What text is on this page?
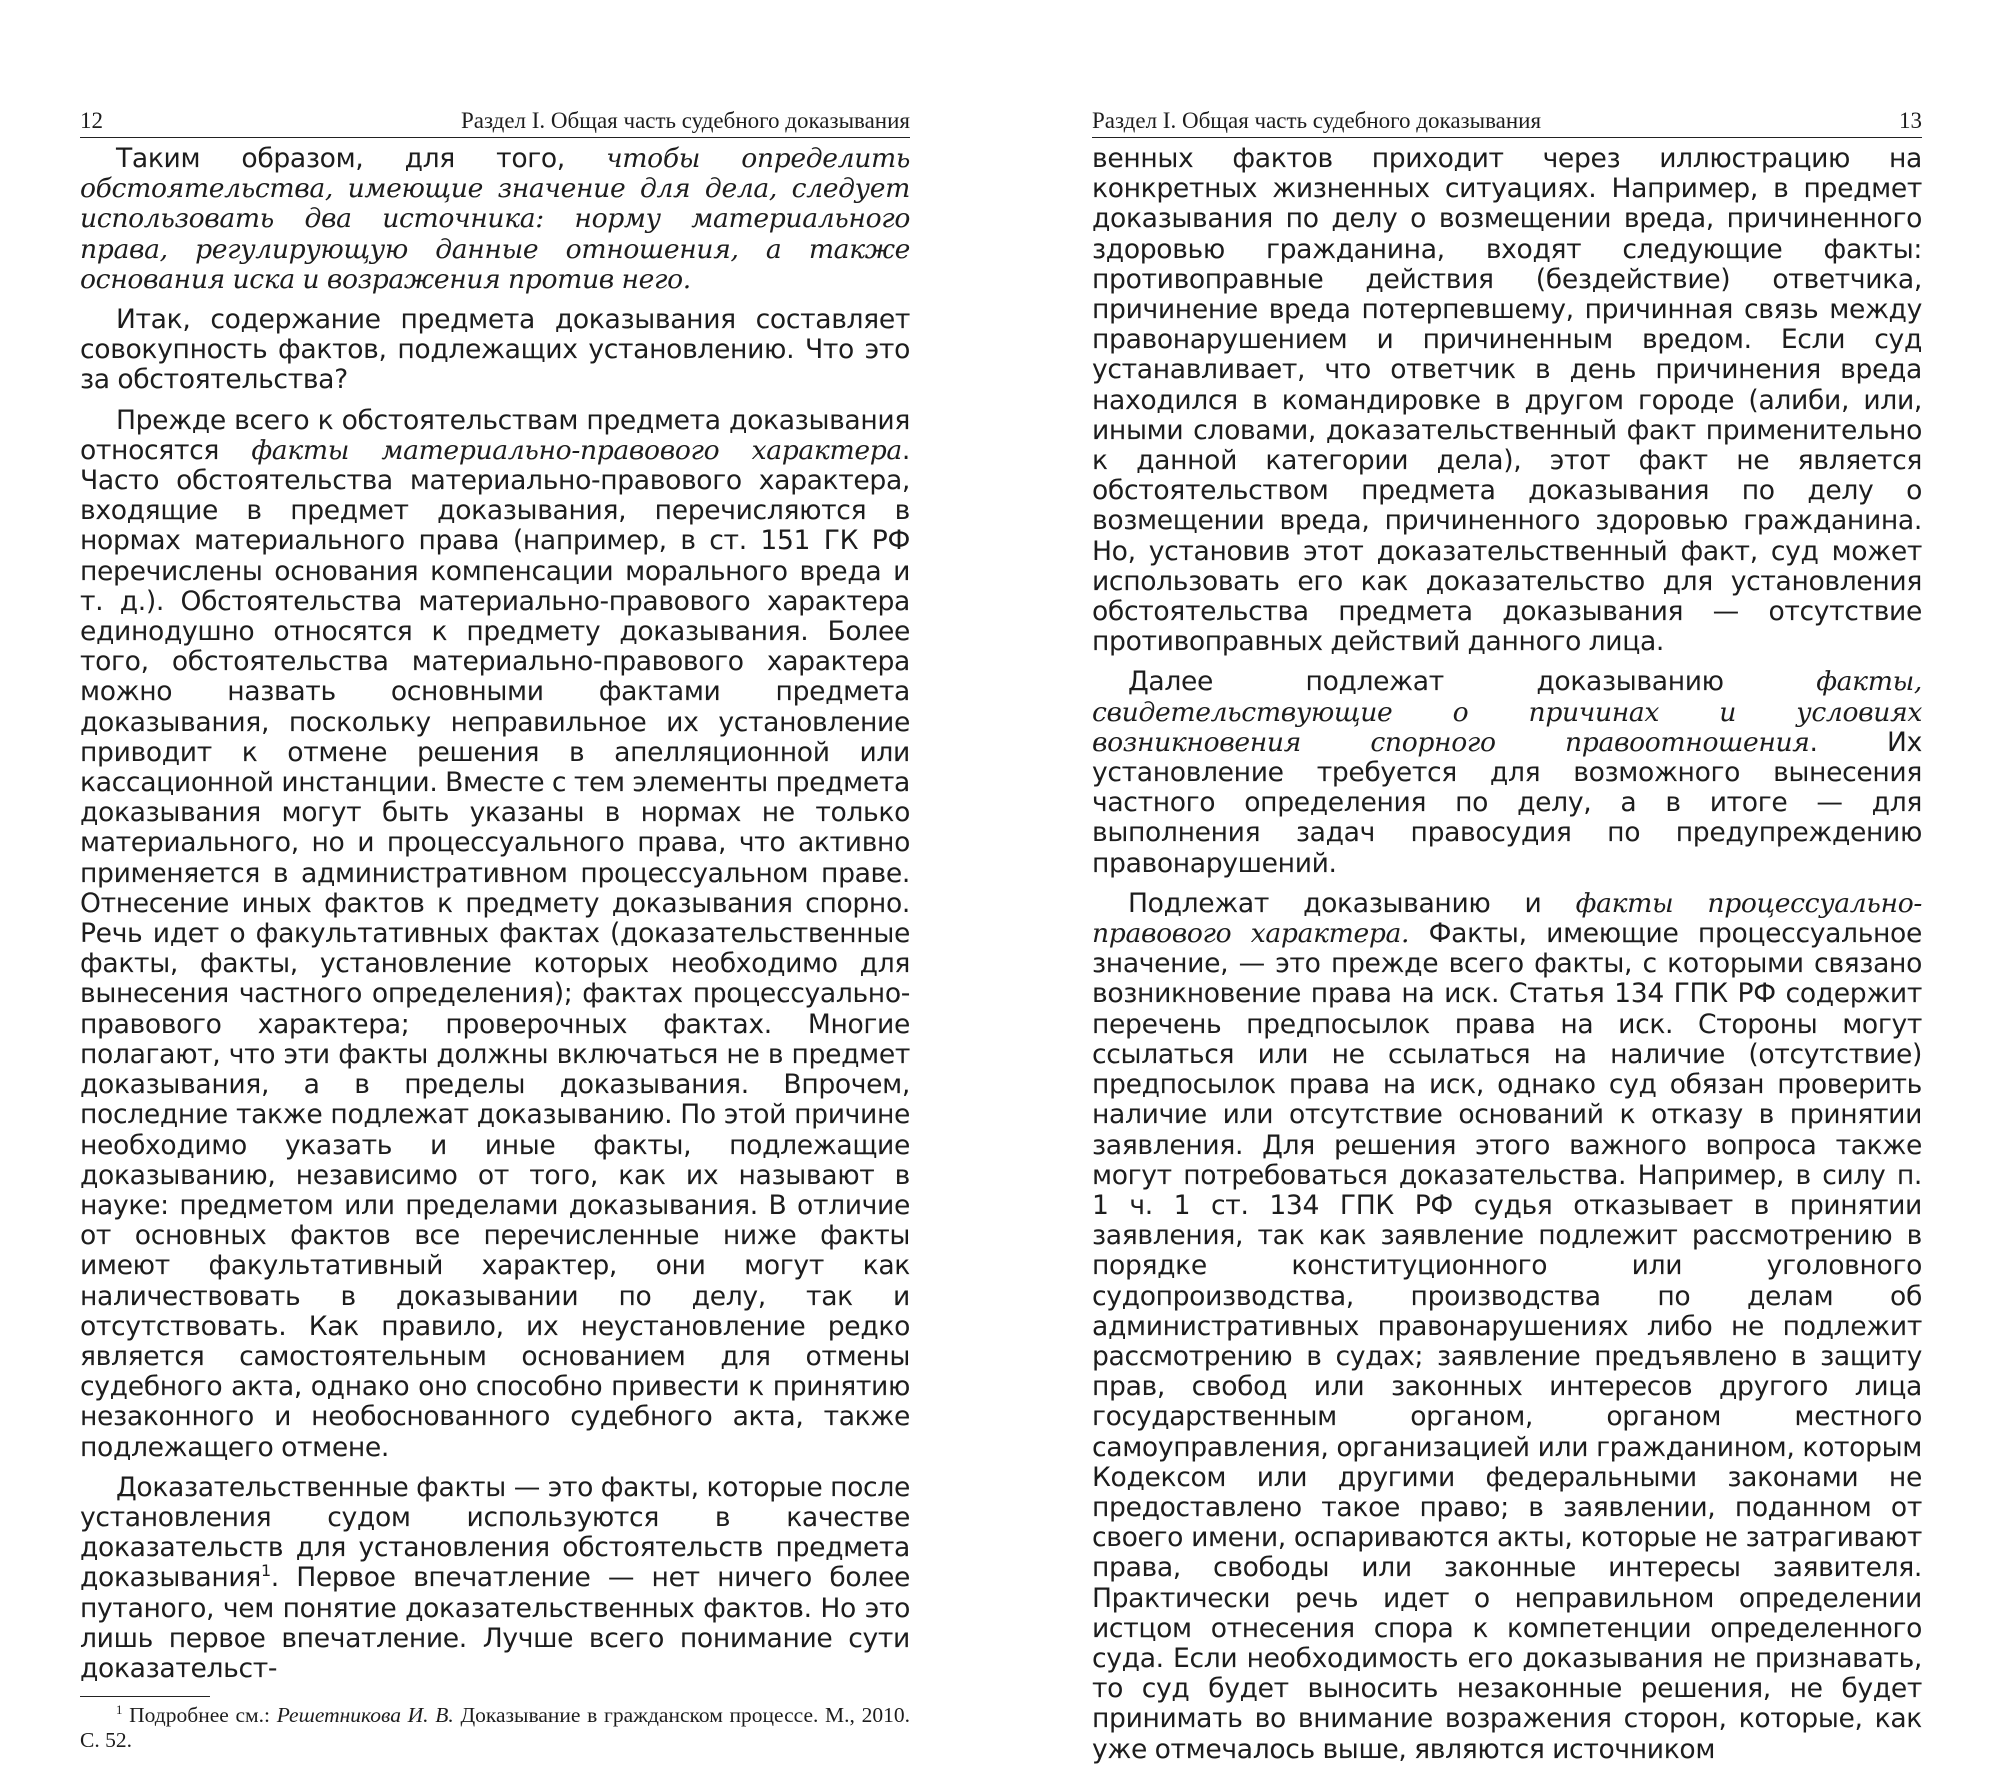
12	Раздел I. Общая часть судебного доказывания

Таким образом, для того, чтобы определить обстоятельства, имеющие значение для дела, следует использовать два источника: норму материального права, регулирующую данные отношения, а также основания иска и возражения против него.

Итак, содержание предмета доказывания составляет совокупность фактов, подлежащих установлению. Что это за обстоятельства?

Прежде всего к обстоятельствам предмета доказывания относятся факты материально-правового характера. Часто обстоятельства материально-правового характера, входящие в предмет доказывания, перечисляются в нормах материального права (например, в ст. 151 ГК РФ перечислены основания компенсации морального вреда и т. д.). Обстоятельства материально-правового характера единодушно относятся к предмету доказывания. Более того, обстоятельства материально-правового характера можно назвать основными фактами предмета доказывания, поскольку неправильное их установление приводит к отмене решения в апелляционной или кассационной инстанции. Вместе с тем элементы предмета доказывания могут быть указаны в нормах не только материального, но и процессуального права, что активно применяется в административном процессуальном праве. Отнесение иных фактов к предмету доказывания спорно. Речь идет о факультативных фактах (доказательственные факты, факты, установление которых необходимо для вынесения частного определения); фактах процессуально-правового характера; проверочных фактах. Многие полагают, что эти факты должны включаться не в предмет доказывания, а в пределы доказывания. Впрочем, последние также подлежат доказыванию. По этой причине необходимо указать и иные факты, подлежащие доказыванию, независимо от того, как их называют в науке: предметом или пределами доказывания. В отличие от основных фактов все перечисленные ниже факты имеют факультативный характер, они могут как наличествовать в доказывании по делу, так и отсутствовать. Как правило, их неустановление редко является самостоятельным основанием для отмены судебного акта, однако оно способно привести к принятию незаконного и необоснованного судебного акта, также подлежащего отмене.

Доказательственные факты — это факты, которые после установления судом используются в качестве доказательств для установления обстоятельств предмета доказывания$^1$. Первое впечатление — нет ничего более путаного, чем понятие доказательственных фактов. Но это лишь первое впечатление. Лучше всего понимание сути доказательст-

$^1$ Подробнее см.: Решетникова И. В. Доказывание в гражданском процессе. М., 2010. С. 52.

Раздел I. Общая часть судебного доказывания	13

венных фактов приходит через иллюстрацию на конкретных жизненных ситуациях. Например, в предмет доказывания по делу о возмещении вреда, причиненного здоровью гражданина, входят следующие факты: противоправные действия (бездействие) ответчика, причинение вреда потерпевшему, причинная связь между правонарушением и причиненным вредом. Если суд устанавливает, что ответчик в день причинения вреда находился в командировке в другом городе (алиби, или, иными словами, доказательственный факт применительно к данной категории дела), этот факт не является обстоятельством предмета доказывания по делу о возмещении вреда, причиненного здоровью гражданина. Но, установив этот доказательственный факт, суд может использовать его как доказательство для установления обстоятельства предмета доказывания — отсутствие противоправных действий данного лица.

Далее подлежат доказыванию факты, свидетельствующие о причинах и условиях возникновения спорного правоотношения. Их установление требуется для возможного вынесения частного определения по делу, а в итоге — для выполнения задач правосудия по предупреждению правонарушений.

Подлежат доказыванию и факты процессуально-правового характера. Факты, имеющие процессуальное значение, — это прежде всего факты, с которыми связано возникновение права на иск. Статья 134 ГПК РФ содержит перечень предпосылок права на иск. Стороны могут ссылаться или не ссылаться на наличие (отсутствие) предпосылок права на иск, однако суд обязан проверить наличие или отсутствие оснований к отказу в принятии заявления. Для решения этого важного вопроса также могут потребоваться доказательства. Например, в силу п. 1 ч. 1 ст. 134 ГПК РФ судья отказывает в принятии заявления, так как заявление подлежит рассмотрению в порядке конституционного или уголовного судопроизводства, производства по делам об административных правонарушениях либо не подлежит рассмотрению в судах; заявление предъявлено в защиту прав, свобод или законных интересов другого лица государственным органом, органом местного самоуправления, организацией или гражданином, которым Кодексом или другими федеральными законами не предоставлено такое право; в заявлении, поданном от своего имени, оспариваются акты, которые не затрагивают права, свободы или законные интересы заявителя. Практически речь идет о неправильном определении истцом отнесения спора к компетенции определенного суда. Если необходимость его доказывания не признавать, то суд будет выносить незаконные решения, не будет принимать во внимание возражения сторон, которые, как уже отмечалось выше, являются источником
